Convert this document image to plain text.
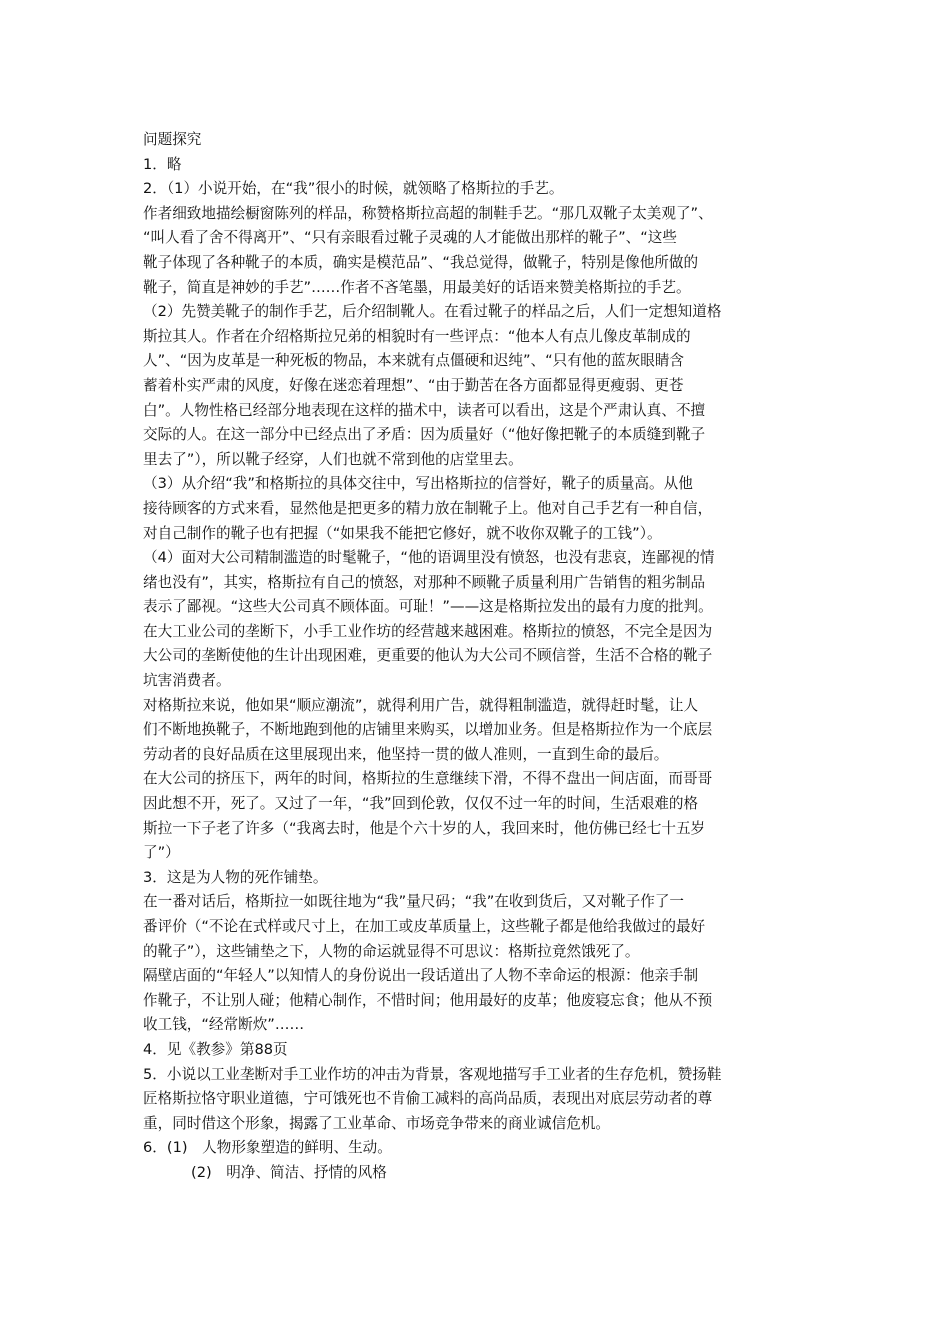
问题探究
1．略
2．（1）小说开始，在“我”很小的时候，就领略了格斯拉的手艺。
作者细致地描绘橱窗陈列的样品，称赞格斯拉高超的制鞋手艺。“那几双靴子太美观了”、
“叫人看了舍不得离开”、“只有亲眼看过靴子灵魂的人才能做出那样的靴子”、“这些
靴子体现了各种靴子的本质，确实是模范品”、“我总觉得，做靴子，特别是像他所做的
靴子，简直是神妙的手艺”……作者不吝笔墨，用最美好的话语来赞美格斯拉的手艺。
（2）先赞美靴子的制作手艺，后介绍制靴人。在看过靴子的样品之后，人们一定想知道格
斯拉其人。作者在介绍格斯拉兄弟的相貌时有一些评点：“他本人有点儿像皮革制成的
人”、“因为皮革是一种死板的物品，本来就有点僵硬和迟纯”、“只有他的蓝灰眼睛含
蓄着朴实严肃的风度，好像在迷恋着理想”、“由于勤苦在各方面都显得更瘦弱、更苍
白”。人物性格已经部分地表现在这样的描术中，读者可以看出，这是个严肃认真、不擅
交际的人。在这一部分中已经点出了矛盾：因为质量好（“他好像把靴子的本质缝到靴子
里去了”），所以靴子经穿，人们也就不常到他的店堂里去。
（3）从介绍“我”和格斯拉的具体交往中，写出格斯拉的信誉好，靴子的质量高。从他
接待顾客的方式来看，显然他是把更多的精力放在制靴子上。他对自己手艺有一种自信，
对自己制作的靴子也有把握（“如果我不能把它修好，就不收你双靴子的工钱”）。
（4）面对大公司精制滥造的时髦靴子，“他的语调里没有愤怒，也没有悲哀，连鄙视的情
绪也没有”，其实，格斯拉有自己的愤怒，对那种不顾靴子质量利用广告销售的粗劣制品
表示了鄙视。“这些大公司真不顾体面。可耻！”——这是格斯拉发出的最有力度的批判。
在大工业公司的垄断下，小手工业作坊的经营越来越困难。格斯拉的愤怒，不完全是因为
大公司的垄断使他的生计出现困难，更重要的他认为大公司不顾信誉，生活不合格的靴子
坑害消费者。
对格斯拉来说，他如果“顺应潮流”，就得利用广告，就得粗制滥造，就得赶时髦，让人
们不断地换靴子，不断地跑到他的店铺里来购买，以增加业务。但是格斯拉作为一个底层
劳动者的良好品质在这里展现出来，他坚持一贯的做人准则，一直到生命的最后。
在大公司的挤压下，两年的时间，格斯拉的生意继续下滑，不得不盘出一间店面，而哥哥
因此想不开，死了。又过了一年，“我”回到伦敦，仅仅不过一年的时间，生活艰难的格
斯拉一下子老了许多（“我离去时，他是个六十岁的人，我回来时，他仿佛已经七十五岁
了”）
3．这是为人物的死作铺垫。
在一番对话后，格斯拉一如既往地为“我”量尺码；“我”在收到货后，又对靴子作了一
番评价（“不论在式样或尺寸上，在加工或皮革质量上，这些靴子都是他给我做过的最好
的靴子”），这些铺垫之下，人物的命运就显得不可思议：格斯拉竟然饿死了。
隔壁店面的“年轻人”以知情人的身份说出一段话道出了人物不幸命运的根源：他亲手制
作靴子，不让别人碰；他精心制作，不惜时间；他用最好的皮革；他废寝忘食；他从不预
收工钱，“经常断炊”……
4．见《教参》第88页
5．小说以工业垄断对手工业作坊的冲击为背景，客观地描写手工业者的生存危机，赞扬鞋
匠格斯拉恪守职业道德，宁可饿死也不肯偷工减料的高尚品质，表现出对底层劳动者的尊
重，同时借这个形象，揭露了工业革命、市场竞争带来的商业诚信危机。
6．(1)　人物形象塑造的鲜明、生动。
(2)　明净、简洁、抒情的风格
